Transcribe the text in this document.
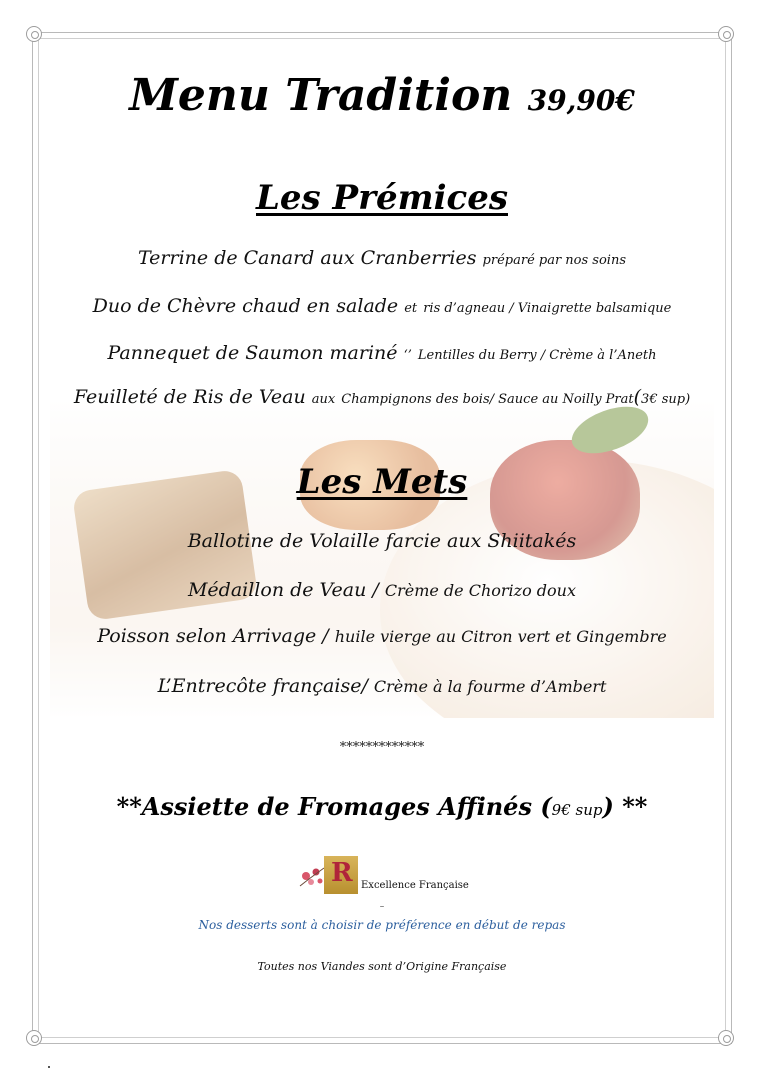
Menu Tradition 39,90€
Les Prémices
Terrine de Canard aux Cranberries préparé par nos soins
Duo de Chèvre chaud en salade et ris d’agneau / Vinaigrette balsamique
Pannequet de Saumon mariné ‘’ Lentilles du Berry / Crème à l’Aneth
Feuilleté de Ris de Veau aux Champignons des bois/ Sauce au Noilly Prat(3€ sup)
Les Mets
Ballotine de Volaille farcie aux Shiitakés
Médaillon de Veau / Crème de Chorizo doux
Poisson selon Arrivage / huile vierge au Citron vert et Gingembre
L’Entrecôte française/ Crème à la fourme d’Ambert
*************
**Assiette de Fromages Affinés (9€ sup) **
R Excellence Française
–
Nos desserts sont à choisir de préférence en début de repas
Toutes nos Viandes sont d’Origine Française
